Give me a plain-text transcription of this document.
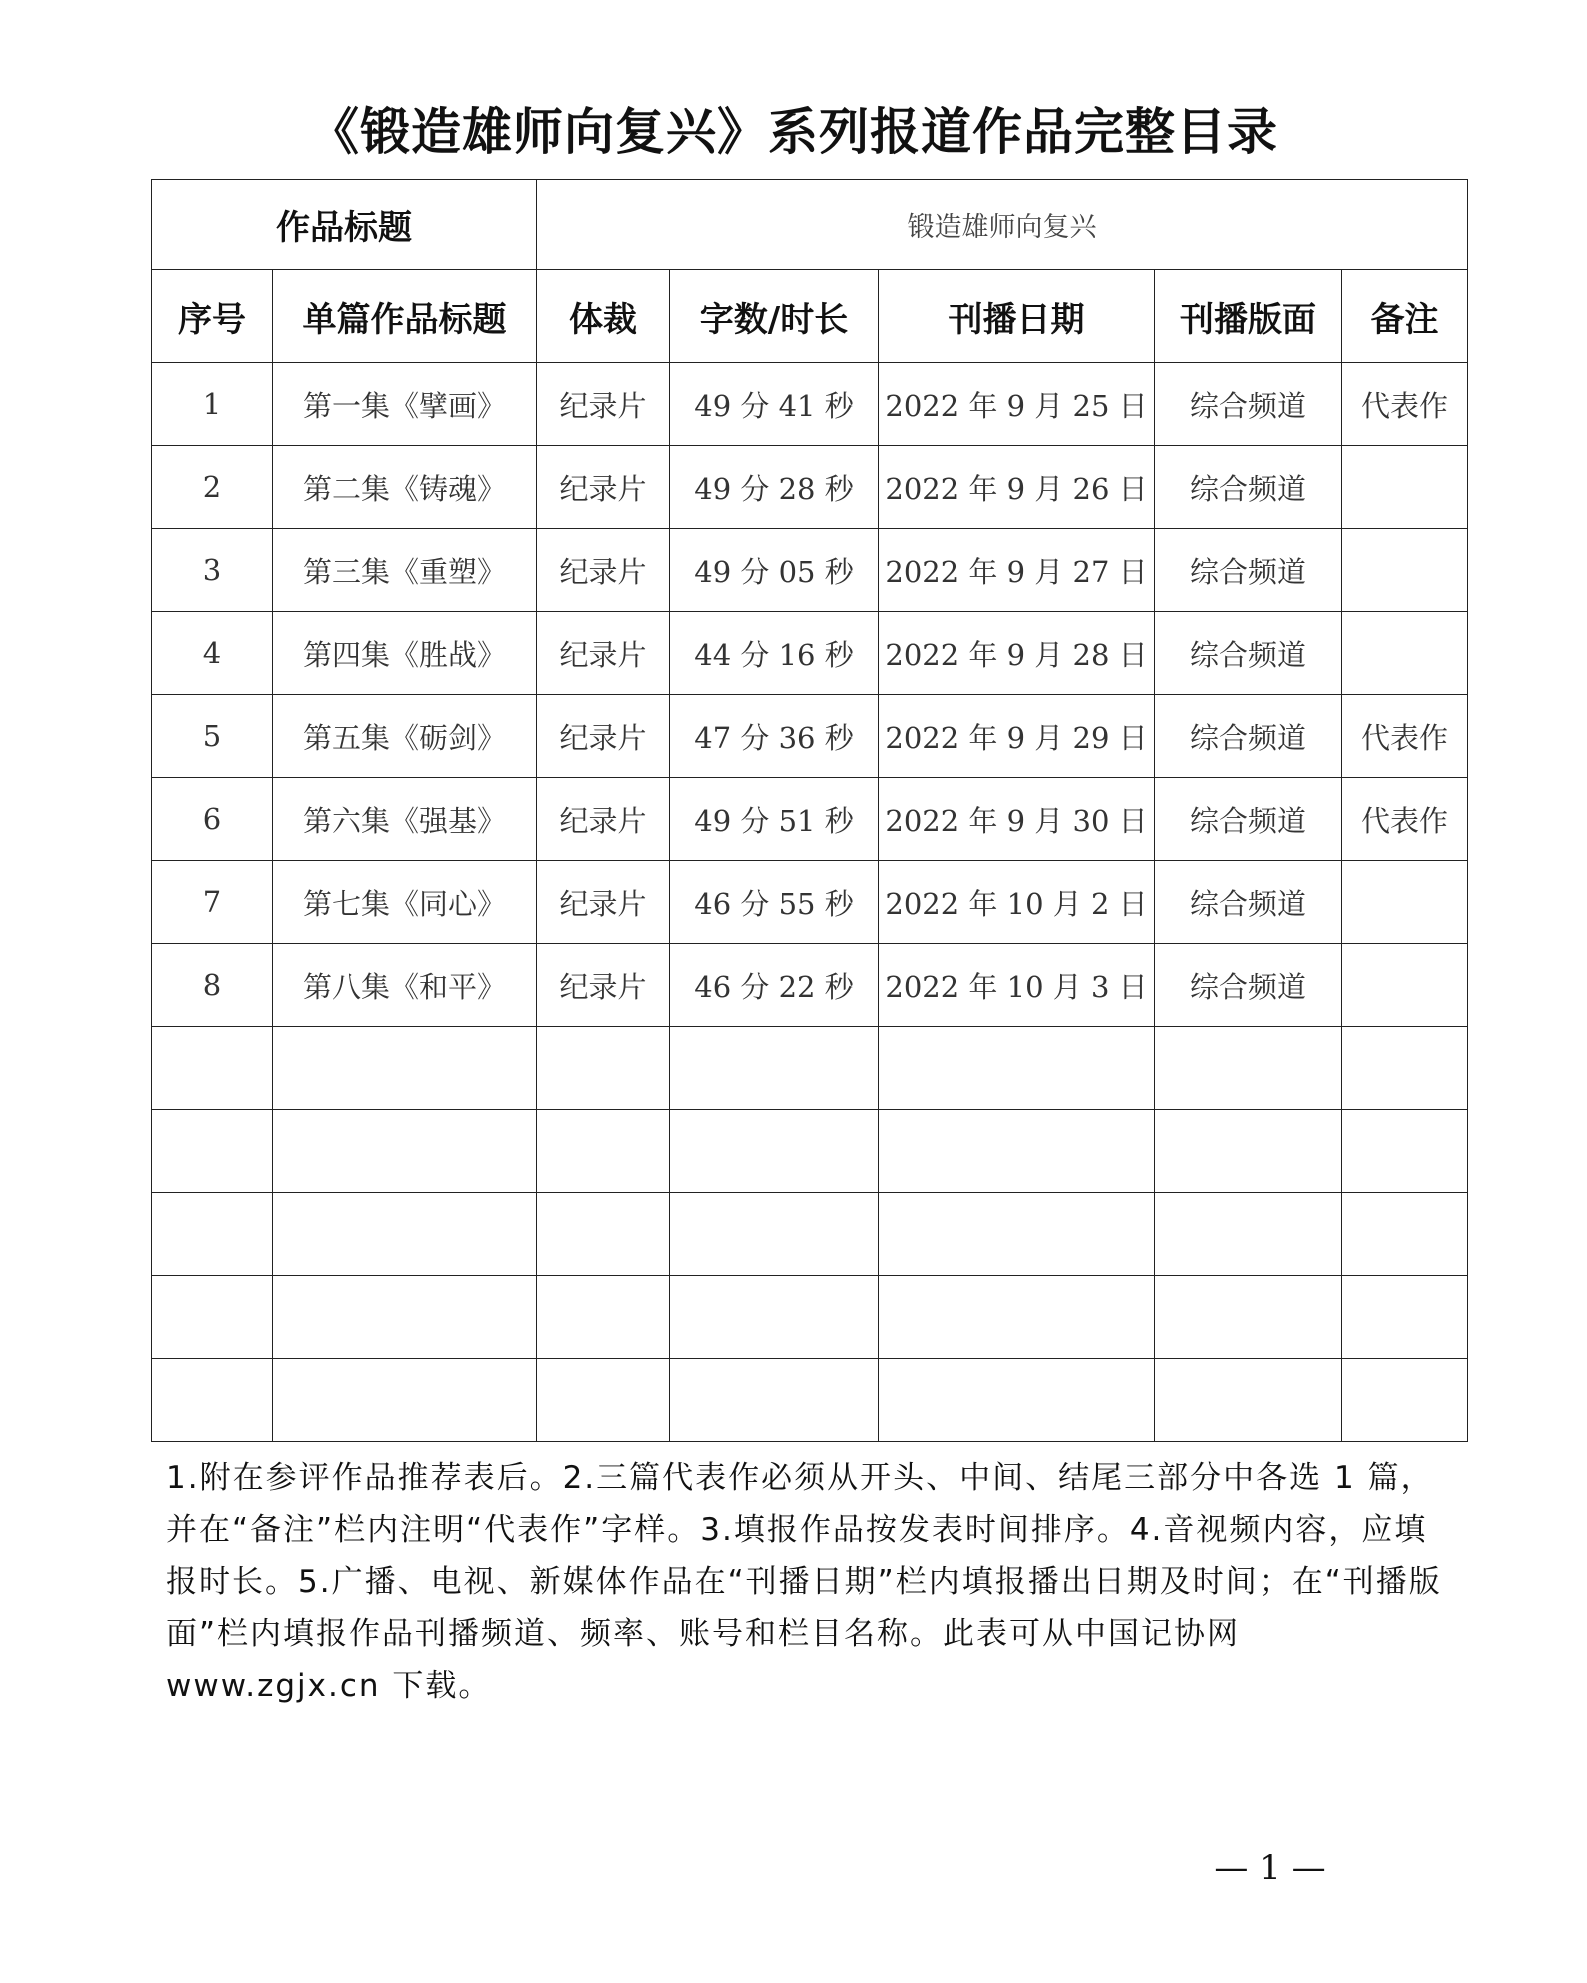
《锻造雄师向复兴》系列报道作品完整目录
作品标题		锻造雄师向复兴				
序号	单篇作品标题	体裁	字数/时长	刊播日期	刊播版面	备注
1	第一集《擘画》	纪录片	49 分 41 秒	2022 年 9 月 25 日	综合频道	代表作
2	第二集《铸魂》	纪录片	49 分 28 秒	2022 年 9 月 26 日	综合频道	
3	第三集《重塑》	纪录片	49 分 05 秒	2022 年 9 月 27 日	综合频道	
4	第四集《胜战》	纪录片	44 分 16 秒	2022 年 9 月 28 日	综合频道	
5	第五集《砺剑》	纪录片	47 分 36 秒	2022 年 9 月 29 日	综合频道	代表作
6	第六集《强基》	纪录片	49 分 51 秒	2022 年 9 月 30 日	综合频道	代表作
7	第七集《同心》	纪录片	46 分 55 秒	2022 年 10 月 2 日	综合频道	
8	第八集《和平》	纪录片	46 分 22 秒	2022 年 10 月 3 日	综合频道	

1.附在参评作品推荐表后。2.三篇代表作必须从开头、中间、结尾三部分中各选 1 篇，并在“备注”栏内注明“代表作”字样。3.填报作品按发表时间排序。4.音视频内容，应填报时长。5.广播、电视、新媒体作品在“刊播日期”栏内填报播出日期及时间；在“刊播版面”栏内填报作品刊播频道、频率、账号和栏目名称。此表可从中国记协网 www.zgjx.cn 下载。
— 1 —
